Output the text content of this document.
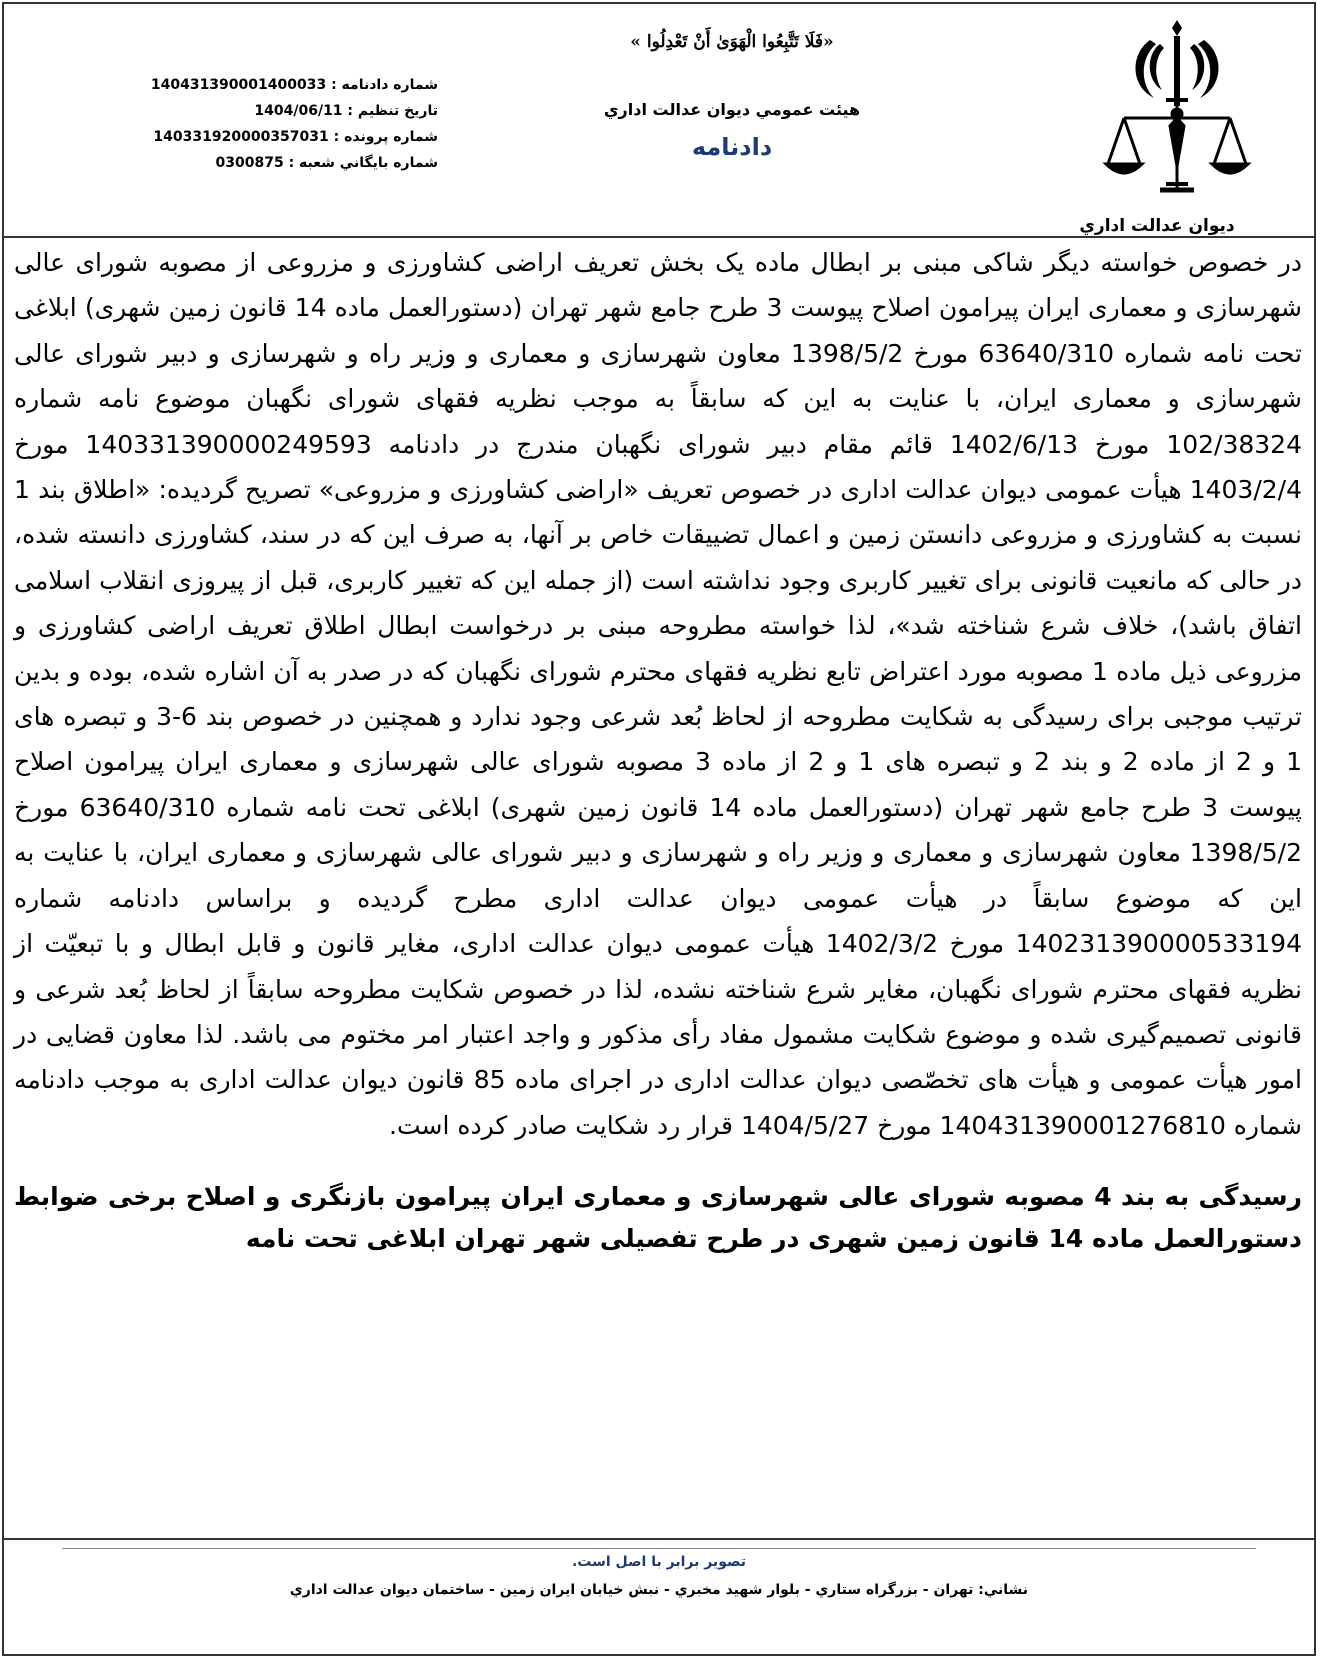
ديوان عدالت اداري
«فَلَا تَتَّبِعُوا الْهَوَىٰ أَنْ تَعْدِلُوا »
هيئت عمومي ديوان عدالت اداري
دادنامه
شماره دادنامه : 140431390001400033
تاريخ تنظيم : 1404/06/11
شماره پرونده : 140331920000357031
شماره بايگاني شعبه : 0300875

در خصوص خواسته دیگر شاکی مبنی بر ابطال ماده یک بخش تعریف اراضی کشاورزی و مزروعی از مصوبه شورای عالی شهرسازی و معماری ایران پیرامون اصلاح پیوست 3 طرح جامع شهر تهران (دستورالعمل ماده 14 قانون زمین شهری) ابلاغی تحت نامه شماره 63640/310 مورخ 1398/5/2 معاون شهرسازی و معماری و وزیر راه و شهرسازی و دبیر شورای عالی شهرسازی و معماری ایران، با عنایت به این که سابقاً به موجب نظریه فقهای شورای نگهبان موضوع نامه شماره 102/38324 مورخ 1402/6/13 قائم مقام دبیر شورای نگهبان مندرج در دادنامه 140331390000249593 مورخ 1403/2/4 هیأت عمومی دیوان عدالت اداری در خصوص تعریف «اراضی کشاورزی و مزروعی» تصریح گردیده: «اطلاق بند 1 نسبت به کشاورزی و مزروعی دانستن زمین و اعمال تضییقات خاص بر آنها، به صرف این که در سند، کشاورزی دانسته شده، در حالی که مانعیت قانونی برای تغییر کاربری وجود نداشته است (از جمله این که تغییر کاربری، قبل از پیروزی انقلاب اسلامی اتفاق باشد)، خلاف شرع شناخته شد»، لذا خواسته مطروحه مبنی بر درخواست ابطال اطلاق تعریف اراضی کشاورزی و مزروعی ذیل ماده 1 مصوبه مورد اعتراض تابع نظریه فقهای محترم شورای نگهبان که در صدر به آن اشاره شده، بوده و بدین ترتیب موجبی برای رسیدگی به شکایت مطروحه از لحاظ بُعد شرعی وجود ندارد و همچنین در خصوص بند 6-3 و تبصره های 1 و 2 از ماده 2 و بند 2 و تبصره های 1 و 2 از ماده 3 مصوبه شورای عالی شهرسازی و معماری ایران پیرامون اصلاح پیوست 3 طرح جامع شهر تهران (دستورالعمل ماده 14 قانون زمین شهری) ابلاغی تحت نامه شماره 63640/310 مورخ 1398/5/2 معاون شهرسازی و معماری و وزیر راه و شهرسازی و دبیر شورای عالی شهرسازی و معماری ایران، با عنایت به این که موضوع سابقاً در هیأت عمومی دیوان عدالت اداری مطرح گردیده و براساس دادنامه شماره 140231390000533194 مورخ 1402/3/2 هیأت عمومی دیوان عدالت اداری، مغایر قانون و قابل ابطال و با تبعیّت از نظریه فقهای محترم شورای نگهبان، مغایر شرع شناخته نشده، لذا در خصوص شکایت مطروحه سابقاً از لحاظ بُعد شرعی و قانونی تصمیم‌گیری شده و موضوع شکایت مشمول مفاد رأی مذکور و واجد اعتبار امر مختوم می باشد. لذا معاون قضایی در امور هیأت عمومی و هیأت های تخصّصی دیوان عدالت اداری در اجرای ماده 85 قانون دیوان عدالت اداری به موجب دادنامه شماره 140431390001276810 مورخ 1404/5/27 قرار رد شکایت صادر کرده است.

رسیدگی به بند 4 مصوبه شورای عالی شهرسازی و معماری ایران پیرامون بازنگری و اصلاح برخی ضوابط دستورالعمل ماده 14 قانون زمین شهری در طرح تفصیلی شهر تهران ابلاغی تحت نامه

تصوير برابر با اصل است.
نشاني: تهران - بزرگراه ستاري - بلوار شهيد مخبري - نبش خيابان ايران زمين - ساختمان ديوان عدالت اداري
